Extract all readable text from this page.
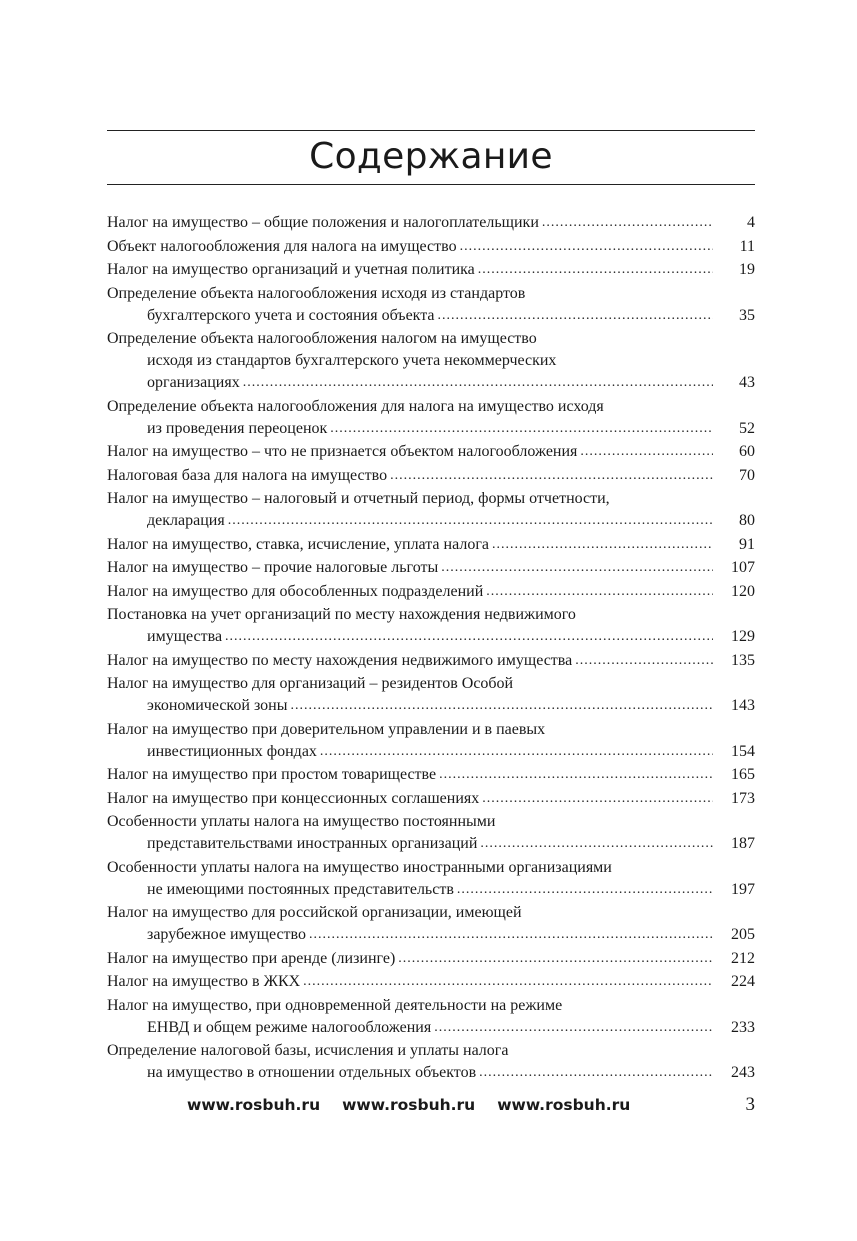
Содержание
Налог на имущество – общие положения и налогоплательщики .....	4
Объект налогообложения для налога на имущество .....	11
Налог на имущество организаций и учетная политика .....	19
Определение объекта налогообложения исходя из стандартов
бухгалтерского учета и состояния объекта .....	35
Определение объекта налогообложения налогом на имущество
исходя из стандартов бухгалтерского учета некоммерческих
организациях .....	43
Определение объекта налогообложения для налога на имущество исходя
из проведения переоценок .....	52
Налог на имущество – что не признается объектом налогообложения .....	60
Налоговая база для налога на имущество .....	70
Налог на имущество – налоговый и отчетный период, формы отчетности,
декларация .....	80
Налог на имущество, ставка, исчисление, уплата налога .....	91
Налог на имущество – прочие налоговые льготы .....	107
Налог на имущество для обособленных подразделений .....	120
Постановка на учет организаций по месту нахождения недвижимого
имущества .....	129
Налог на имущество по месту нахождения недвижимого имущества .....	135
Налог на имущество для организаций – резидентов Особой
экономической зоны .....	143
Налог на имущество при доверительном управлении и в паевых
инвестиционных фондах .....	154
Налог на имущество при простом товариществе .....	165
Налог на имущество при концессионных соглашениях .....	173
Особенности уплаты налога на имущество постоянными
представительствами иностранных организаций .....	187
Особенности уплаты налога на имущество иностранными организациями
не имеющими постоянных представительств .....	197
Налог на имущество для российской организации, имеющей
зарубежное имущество .....	205
Налог на имущество при аренде (лизинге) .....	212
Налог на имущество в ЖКХ .....	224
Налог на имущество, при одновременной деятельности на режиме
ЕНВД и общем режиме налогообложения .....	233
Определение налоговой базы, исчисления и уплаты налога
на имущество в отношении отдельных объектов .....	243
www.rosbuh.ru www.rosbuh.ru www.rosbuh.ru	3
